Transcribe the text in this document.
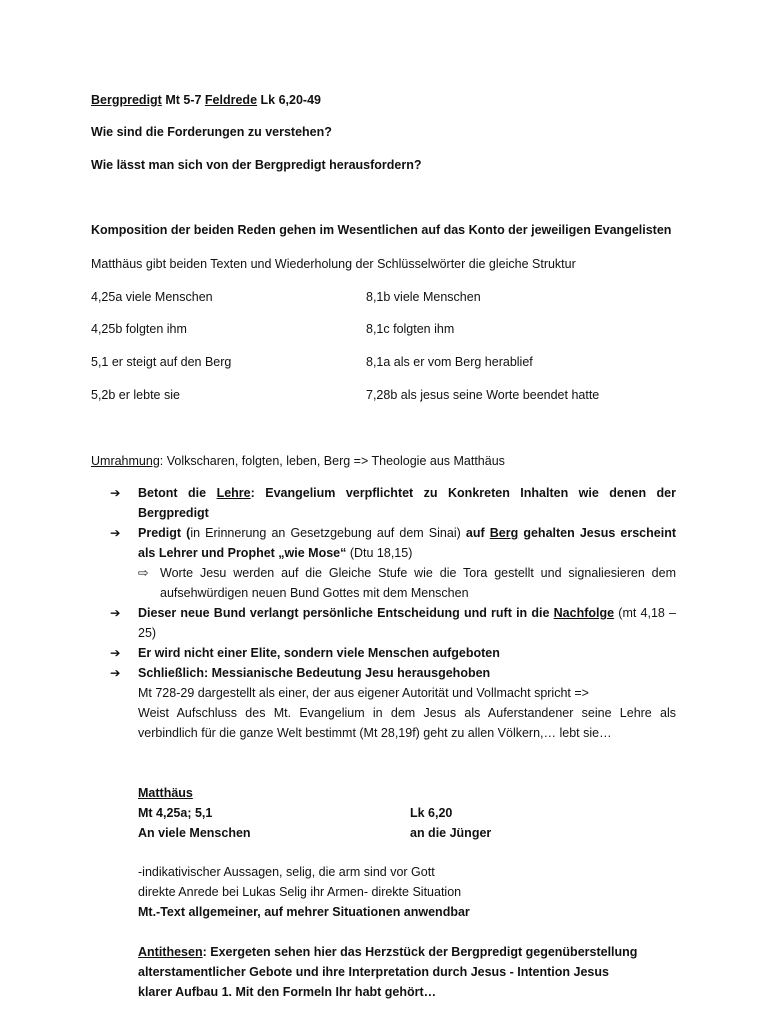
Bergpredigt Mt 5-7 Feldrede Lk 6,20-49
Wie sind die Forderungen zu verstehen?
Wie lässt man sich von der Bergpredigt herausfordern?
Komposition der beiden Reden gehen im Wesentlichen auf das Konto der jeweiligen Evangelisten
Matthäus gibt beiden Texten und Wiederholung der Schlüsselwörter die gleiche Struktur
4,25a viele Menschen	8,1b viele Menschen
4,25b folgten ihm	8,1c folgten ihm
5,1 er steigt auf den Berg	8,1a als er vom Berg herablief
5,2b er lebte sie	7,28b als jesus seine Worte beendet hatte
Umrahmung: Volkscharen, folgten, leben, Berg => Theologie aus Matthäus
➔	Betont die Lehre: Evangelium verpflichtet zu Konkreten Inhalten wie denen der Bergpredigt
➔	Predigt (in Erinnerung an Gesetzgebung auf dem Sinai) auf Berg gehalten Jesus erscheint als Lehrer und Prophet „wie Mose“ (Dtu 18,15)
⇨ Worte Jesu werden auf die Gleiche Stufe wie die Tora gestellt und signaliesieren dem aufsehwürdigen neuen Bund Gottes mit dem Menschen
➔	Dieser neue Bund verlangt persönliche Entscheidung und ruft in die Nachfolge (mt 4,18 – 25)
➔	Er wird nicht einer Elite, sondern viele Menschen aufgeboten
➔	Schließlich: Messianische Bedeutung Jesu herausgehoben
Mt 728-29 dargestellt als einer, der aus eigener Autorität und Vollmacht spricht =>
Weist Aufschluss des Mt. Evangelium in dem Jesus als Auferstandener seine Lehre als verbindlich für die ganze Welt bestimmt (Mt 28,19f) geht zu allen Völkern,… lebt sie…
Matthäus
Mt 4,25a; 5,1	Lk 6,20
An viele Menschen	an die Jünger
-indikativischer Aussagen, selig, die arm sind vor Gott
direkte Anrede bei Lukas Selig ihr Armen- direkte Situation
Mt.-Text allgemeiner, auf mehrer Situationen anwendbar
Antithesen: Exergeten sehen hier das Herzstück der Bergpredigt gegenüberstellung
alterstamentlicher Gebote und ihre Interpretation durch Jesus - Intention Jesus
klarer Aufbau 1. Mit den Formeln Ihr habt gehört…
